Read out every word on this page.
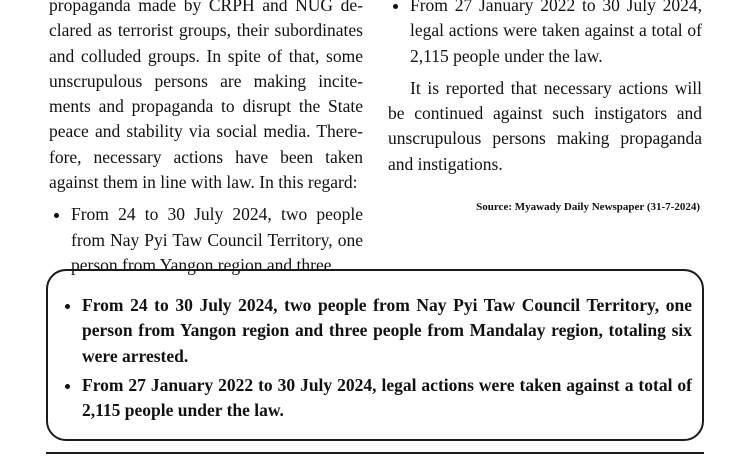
propaganda made by CRPH and NUG de-clared as terrorist groups, their subordinates and colluded groups. In spite of that, some unscrupulous persons are making incite-ments and propaganda to disrupt the State peace and stability via social media. There-fore, necessary actions have been taken against them in line with law. In this regard:

• From 24 to 30 July 2024, two people from Nay Pyi Taw Council Territory, one person from Yangon region and three
• From 27 January 2022 to 30 July 2024, legal actions were taken against a total of 2,115 people under the law.

It is reported that necessary actions will be continued against such instigators and unscrupulous persons making propaganda and instigations.

Source: Myawady Daily Newspaper (31-7-2024)
• From 24 to 30 July 2024, two people from Nay Pyi Taw Council Territory, one person from Yangon region and three people from Mandalay region, totaling six were arrested.
• From 27 January 2022 to 30 July 2024, legal actions were taken against a total of 2,115 people under the law.
